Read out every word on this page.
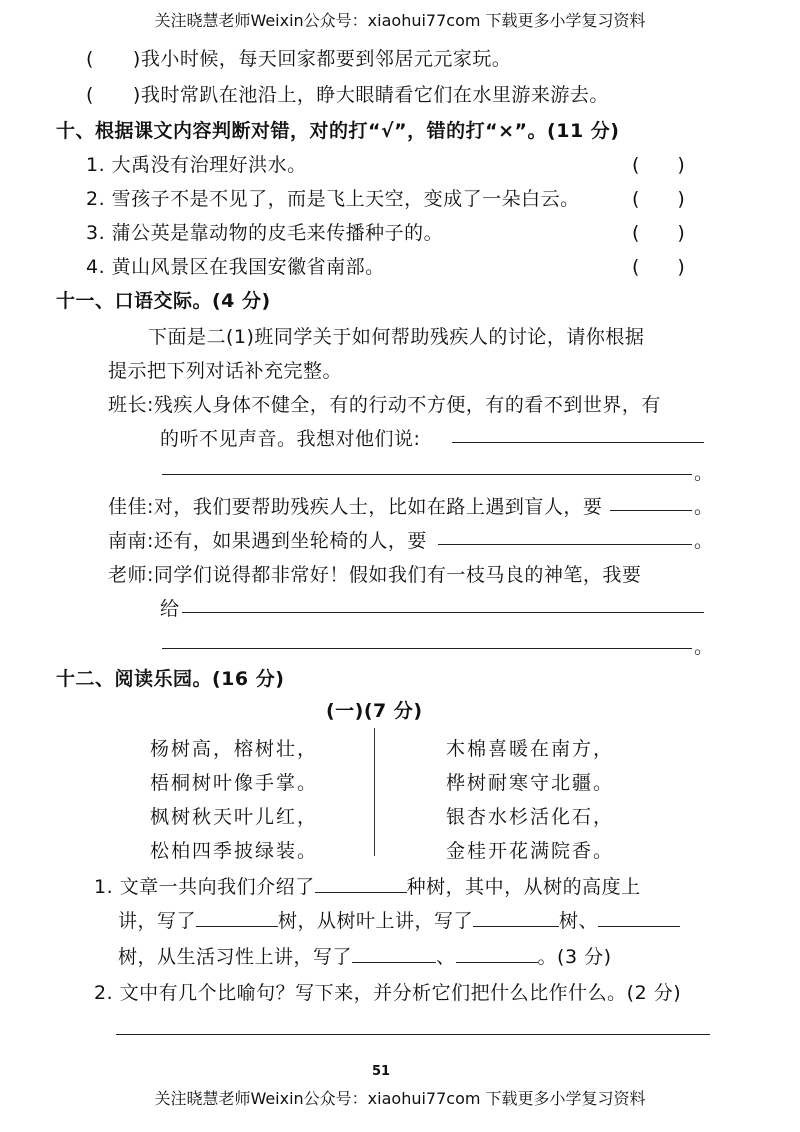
关注晓慧老师Weixin公众号：xiaohui77com 下载更多小学复习资料
(　　)我小时候，每天回家都要到邻居元元家玩。
(　　)我时常趴在池沿上，睁大眼睛看它们在水里游来游去。
十、根据课文内容判断对错，对的打“√”，错的打“×”。(11 分)
1. 大禹没有治理好洪水。	(　　)
2. 雪孩子不是不见了，而是飞上天空，变成了一朵白云。	(　　)
3. 蒲公英是靠动物的皮毛来传播种子的。	(　　)
4. 黄山风景区在我国安徽省南部。	(　　)
十一、口语交际。(4 分)
下面是二(1)班同学关于如何帮助残疾人的讨论，请你根据
提示把下列对话补充完整。
班长:残疾人身体不健全，有的行动不方便，有的看不到世界，有
的听不见声音。我想对他们说:
。
佳佳:对，我们要帮助残疾人士，比如在路上遇到盲人，要	。
南南:还有，如果遇到坐轮椅的人，要	。
老师:同学们说得都非常好！假如我们有一枝马良的神笔，我要
给
。
十二、阅读乐园。(16 分)
(一)(7 分)
杨树高，榕树壮，
梧桐树叶像手掌。
枫树秋天叶儿红，
松柏四季披绿装。
木棉喜暖在南方，
桦树耐寒守北疆。
银杏水杉活化石，
金桂开花满院香。
1. 文章一共向我们介绍了	种树，其中，从树的高度上
讲，写了	树，从树叶上讲，写了	树、
树，从生活习性上讲，写了	、	。(3 分)
2. 文中有几个比喻句？写下来，并分析它们把什么比作什么。(2 分)
51
关注晓慧老师Weixin公众号：xiaohui77com 下载更多小学复习资料
